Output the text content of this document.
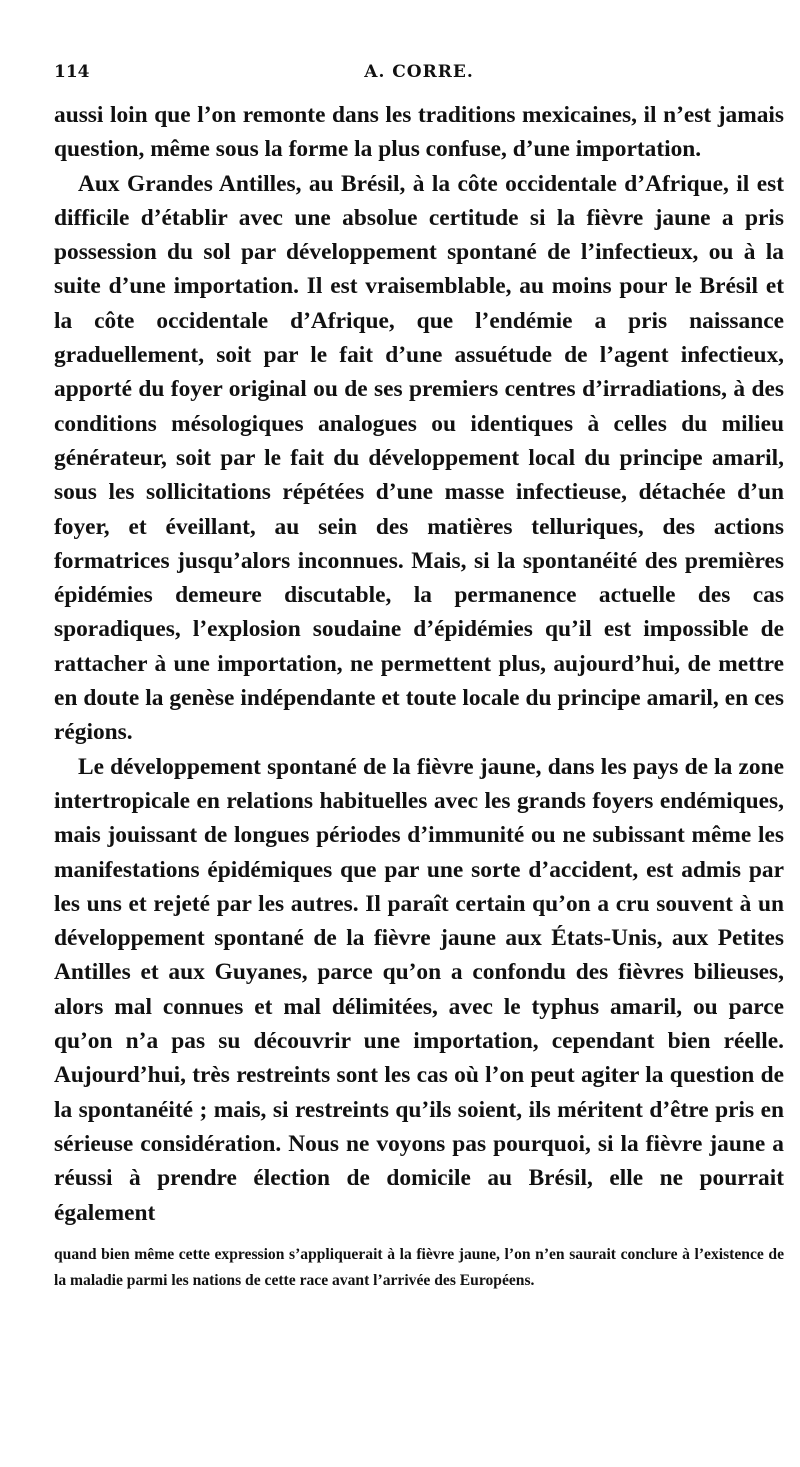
114	A. CORRE.

aussi loin que l’on remonte dans les traditions mexicaines, il n’est jamais question, même sous la forme la plus confuse, d’une importation.

Aux Grandes Antilles, au Brésil, à la côte occidentale d’Afrique, il est difficile d’établir avec une absolue certitude si la fièvre jaune a pris possession du sol par développement spontané de l’infectieux, ou à la suite d’une importation. Il est vraisemblable, au moins pour le Brésil et la côte occidentale d’Afrique, que l’endémie a pris naissance graduellement, soit par le fait d’une assuétude de l’agent infectieux, apporté du foyer original ou de ses premiers centres d’irradiations, à des conditions mésologiques analogues ou identiques à celles du milieu générateur, soit par le fait du développement local du principe amaril, sous les sollicitations répétées d’une masse infectieuse, détachée d’un foyer, et éveillant, au sein des matières telluriques, des actions formatrices jusqu’alors inconnues. Mais, si la spontanéité des premières épidémies demeure discutable, la permanence actuelle des cas sporadiques, l’explosion soudaine d’épidémies qu’il est impossible de rattacher à une importation, ne permettent plus, aujourd’hui, de mettre en doute la genèse indépendante et toute locale du principe amaril, en ces régions.

Le développement spontané de la fièvre jaune, dans les pays de la zone intertropicale en relations habituelles avec les grands foyers endémiques, mais jouissant de longues périodes d’immunité ou ne subissant même les manifestations épidémiques que par une sorte d’accident, est admis par les uns et rejeté par les autres. Il paraît certain qu’on a cru souvent à un développement spontané de la fièvre jaune aux États-Unis, aux Petites Antilles et aux Guyanes, parce qu’on a confondu des fièvres bilieuses, alors mal connues et mal délimitées, avec le typhus amaril, ou parce qu’on n’a pas su découvrir une importation, cependant bien réelle. Aujourd’hui, très restreints sont les cas où l’on peut agiter la question de la spontanéité ; mais, si restreints qu’ils soient, ils méritent d’être pris en sérieuse considération. Nous ne voyons pas pourquoi, si la fièvre jaune a réussi à prendre élection de domicile au Brésil, elle ne pourrait également

quand bien même cette expression s’appliquerait à la fièvre jaune, l’on n’en saurait conclure à l’existence de la maladie parmi les nations de cette race avant l’arrivée des Européens.
